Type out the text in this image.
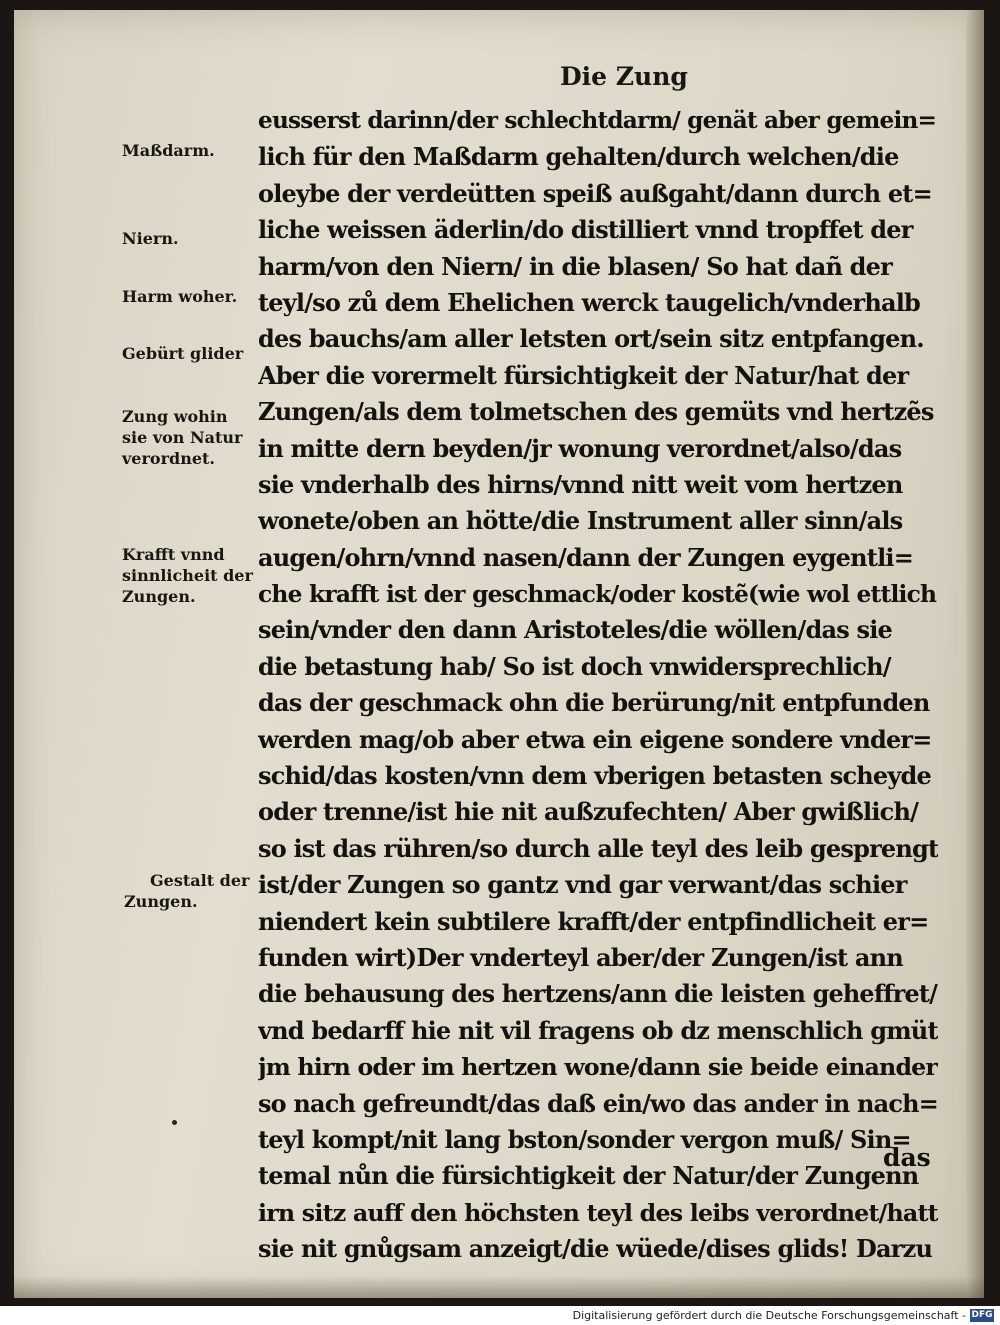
Die Zung
eusserst darinn/der schlechtdarm/ genät aber gemein=
lich für den Maßdarm gehalten/durch welchen/die
oleybe der verdeütten speiß außgaht/dann durch et=
liche weissen äderlin/do distilliert vnnd tropffet der
harm/von den Niern/ in die blasen/ So hat dañ der
teyl/so zů dem Ehelichen werck taugelich/vnderhalb
des bauchs/am aller letsten ort/sein sitz entpfangen.
Aber die vorermelt fürsichtigkeit der Natur/hat der
Zungen/als dem tolmetschen des gemüts vnd hertzẽs
in mitte dern beyden/jr wonung verordnet/also/das
sie vnderhalb des hirns/vnnd nitt weit vom hertzen
wonete/oben an hötte/die Instrument aller sinn/als
augen/ohrn/vnnd nasen/dann der Zungen eygentli=
che krafft ist der geschmack/oder kostẽ(wie wol ettlich
sein/vnder den dann Aristoteles/die wöllen/das sie
die betastung hab/ So ist doch vnwidersprechlich/
das der geschmack ohn die berürung/nit entpfunden
werden mag/ob aber etwa ein eigene sondere vnder=
schid/das kosten/vnn dem vberigen betasten scheyde
oder trenne/ist hie nit außzufechten/ Aber gwißlich/
so ist das rühren/so durch alle teyl des leib gesprengt
ist/der Zungen so gantz vnd gar verwant/das schier
niendert kein subtilere krafft/der entpfindlicheit er=
funden wirt)Der vnderteyl aber/der Zungen/ist ann
die behausung des hertzens/ann die leisten geheffret/
vnd bedarff hie nit vil fragens ob dz menschlich gmüt
jm hirn oder im hertzen wone/dann sie beide einander
so nach gefreundt/das daß ein/wo das ander in nach=
teyl kompt/nit lang bston/sonder vergon muß/ Sin=
temal nůn die fürsichtigkeit der Natur/der Zungenn
irn sitz auff den höchsten teyl des leibs verordnet/hatt
sie nit gnůgsam anzeigt/die wüede/dises glids! Darzu
Maßdarm.
Niern.
Harm woher.
Gebürt glider
Zung wohin
sie von Natur
verordnet.
Krafft vnnd
sinnlicheit der
Zungen.
Gestalt der
Zungen.
das
Digitalisierung gefördert durch die Deutsche Forschungsgemeinschaft - DFG
